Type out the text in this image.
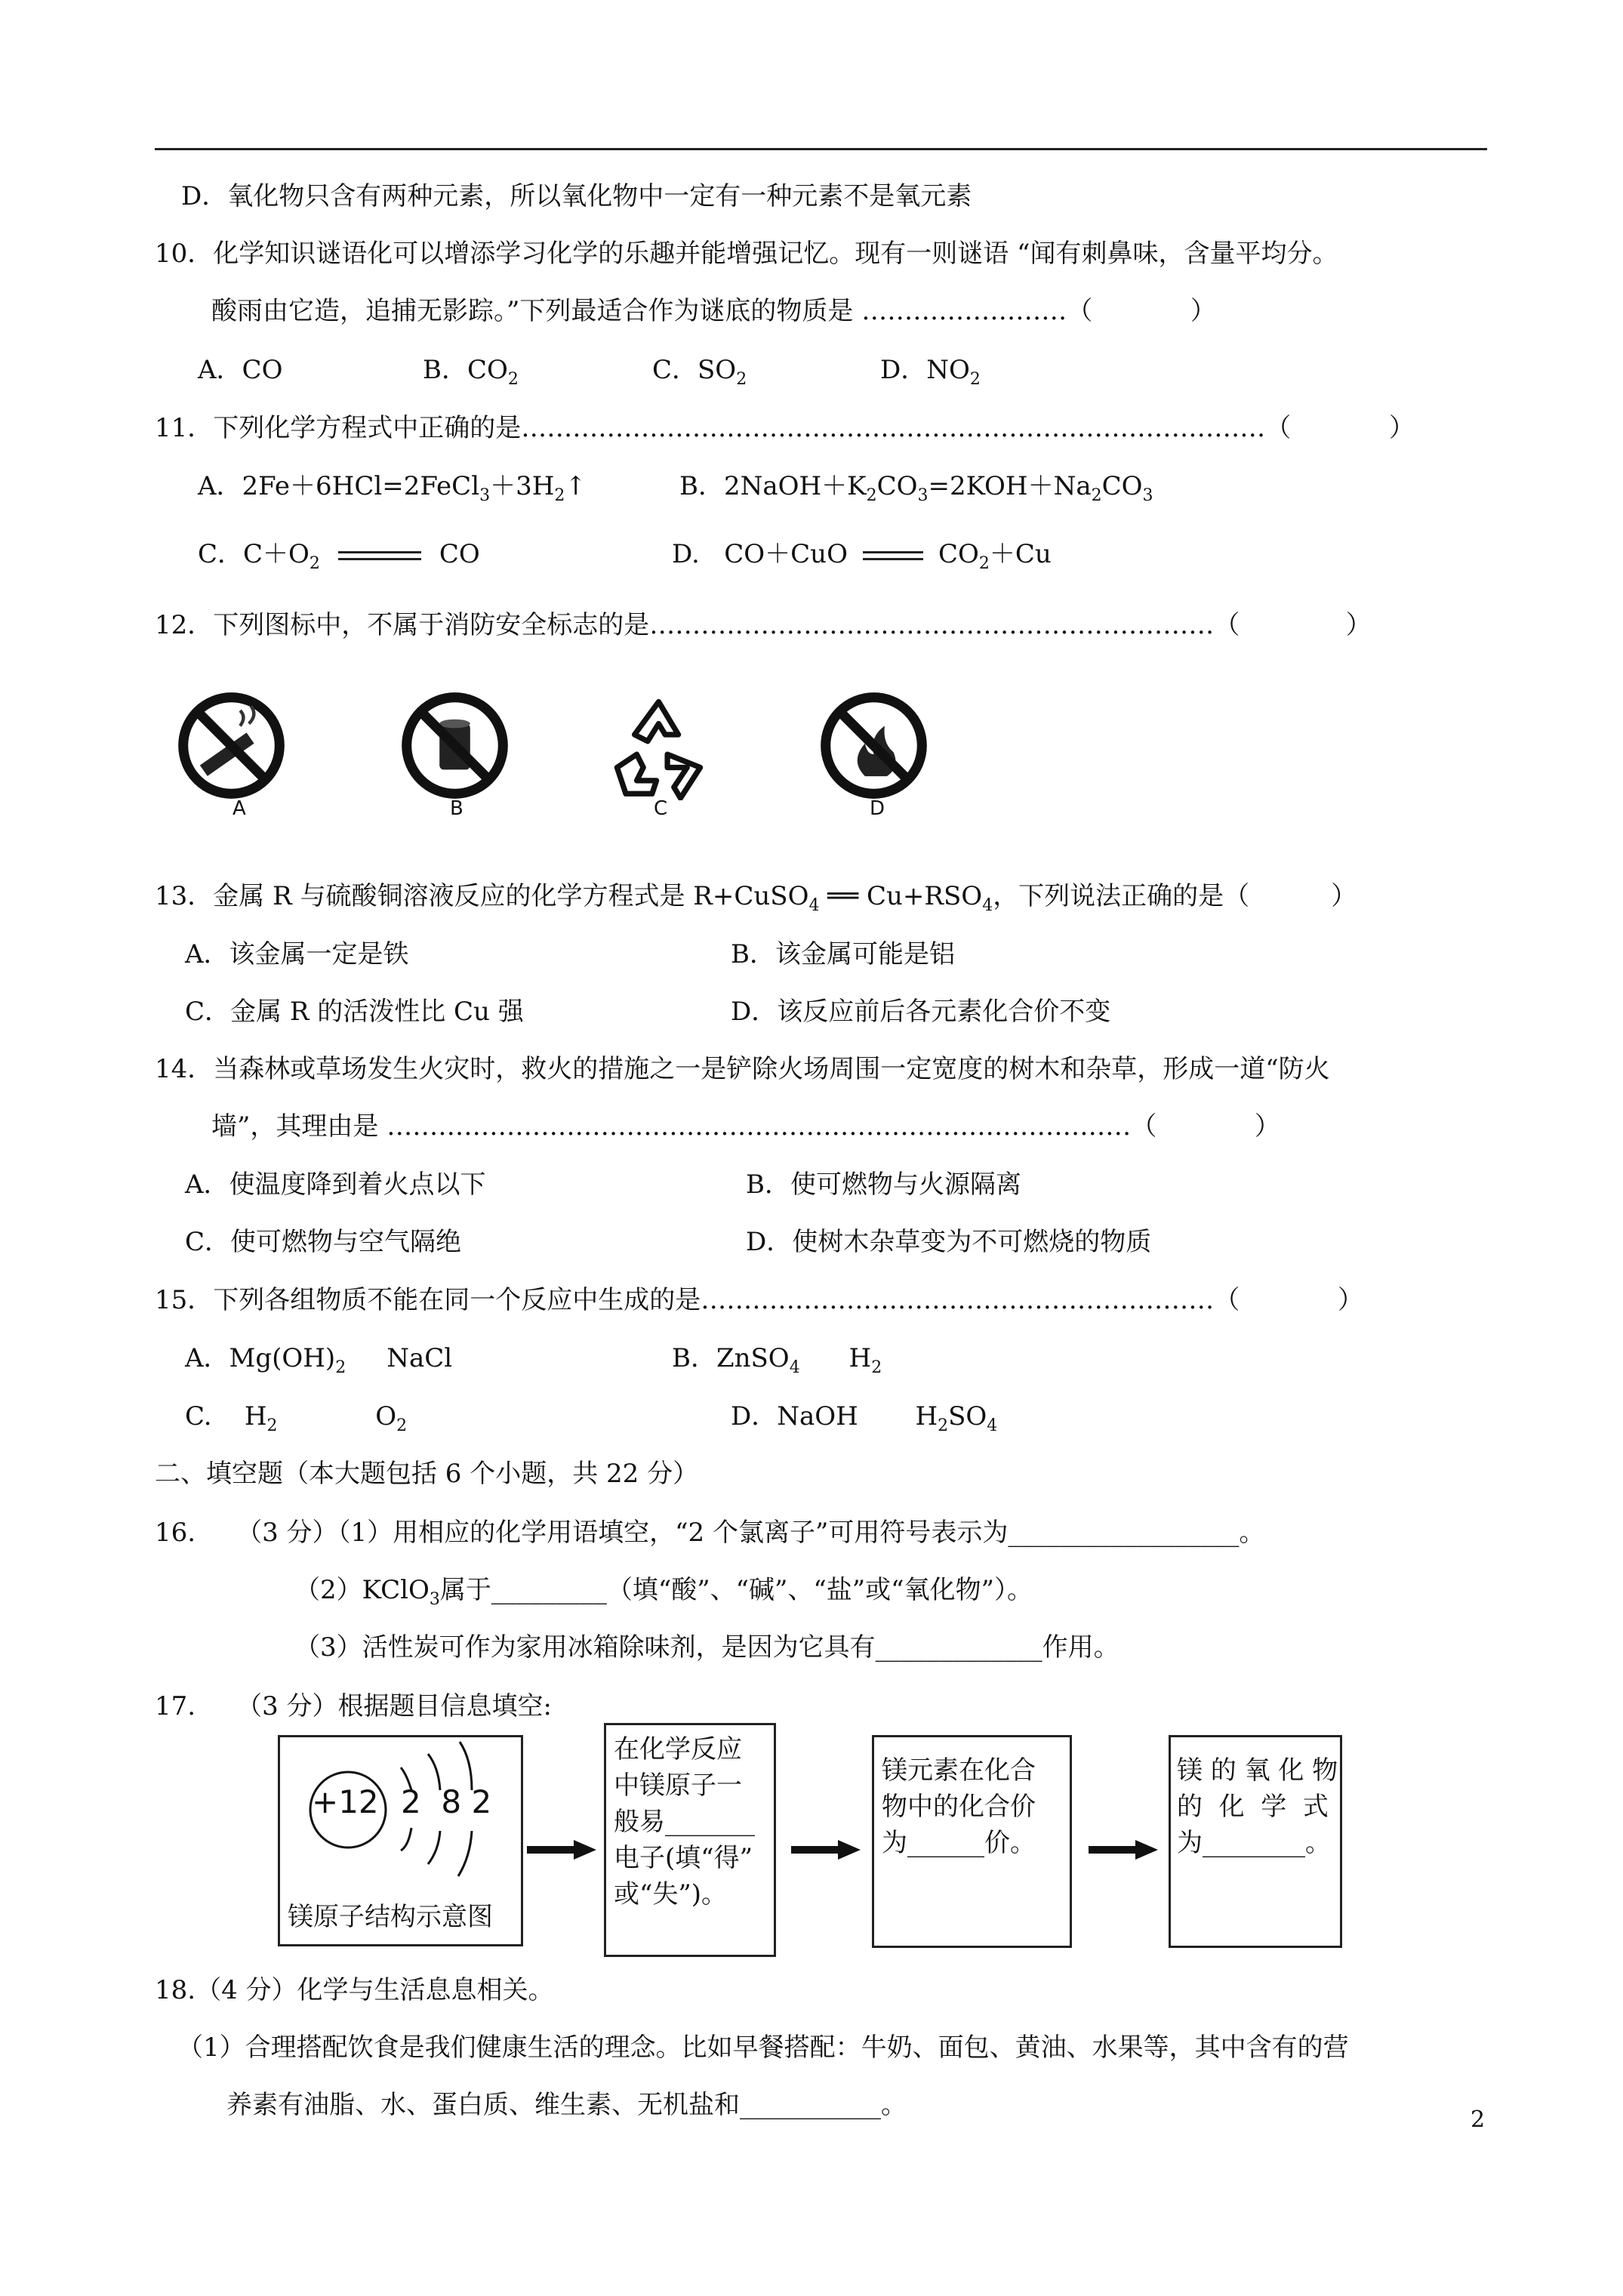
D．氧化物只含有两种元素，所以氧化物中一定有一种元素不是氧元素
10．化学知识谜语化可以增添学习化学的乐趣并能增强记忆。现有一则谜语 “闻有刺鼻味，含量平均分。
酸雨由它造，追捕无影踪。”下列最适合作为谜底的物质是 ……………………（            ）
A．CO	B．$CO_2$	C．$SO_2$	D．$NO_2$
11．下列化学方程式中正确的是……………………………………………………………………………（            ）
A．$2Fe+6HCl=2FeCl_3+3H_2↑$	B．$2NaOH+K_2CO_3=2KOH+Na_2CO_3$
C．$C+O_2$	CO	D.   CO＋CuO	$CO_2+Cu$
12．下列图标中，不属于消防安全标志的是…………………………………………………………（             ）
A	B	C	D
13．金属 R 与硫酸铜溶液反应的化学方程式是 R+CuSO$_4$ ══ $Cu+RSO_4$，下列说法正确的是（          ）
A．该金属一定是铁	B．该金属可能是铝
C．金属 R 的活泼性比 Cu 强	D．该反应前后各元素化合价不变
14．当森林或草场发生火灾时，救火的措施之一是铲除火场周围一定宽度的树木和杂草，形成一道“防火
墙”，其理由是 ……………………………………………………………………………（            ）
A．使温度降到着火点以下	B．使可燃物与火源隔离
C．使可燃物与空气隔绝	D．使树木杂草变为不可燃烧的物质
15．下列各组物质不能在同一个反应中生成的是……………………………………………………（            ）
A．$Mg(OH)_2$     NaCl	B．ZnSO$_4$      $H_2$
C.    $H_2$            $O_2$	D．NaOH       $H_2SO_4$
二、填空题（本大题包括 6 个小题，共 22 分）
16.     （3 分）（1）用相应的化学用语填空，“2 个氯离子”可用符号表示为__________________。
（2）KClO$_3$属于_________（填“酸”、“碱”、“盐”或“氧化物”）。
（3）活性炭可作为家用冰箱除味剂，是因为它具有_____________作用。
17.     （3 分）根据题目信息填空:
+12 2  8 2
镁原子结构示意图
在化学反应
中镁原子一
般易_______
电子(填“得”
或“失”)。
镁元素在化合
物中的化合价
为______价。
镁 的 氧 化 物
的  化  学  式
为________。
18.（4 分）化学与生活息息相关。
（1）合理搭配饮食是我们健康生活的理念。比如早餐搭配：牛奶、面包、黄油、水果等，其中含有的营
养素有油脂、水、蛋白质、维生素、无机盐和___________。	2
